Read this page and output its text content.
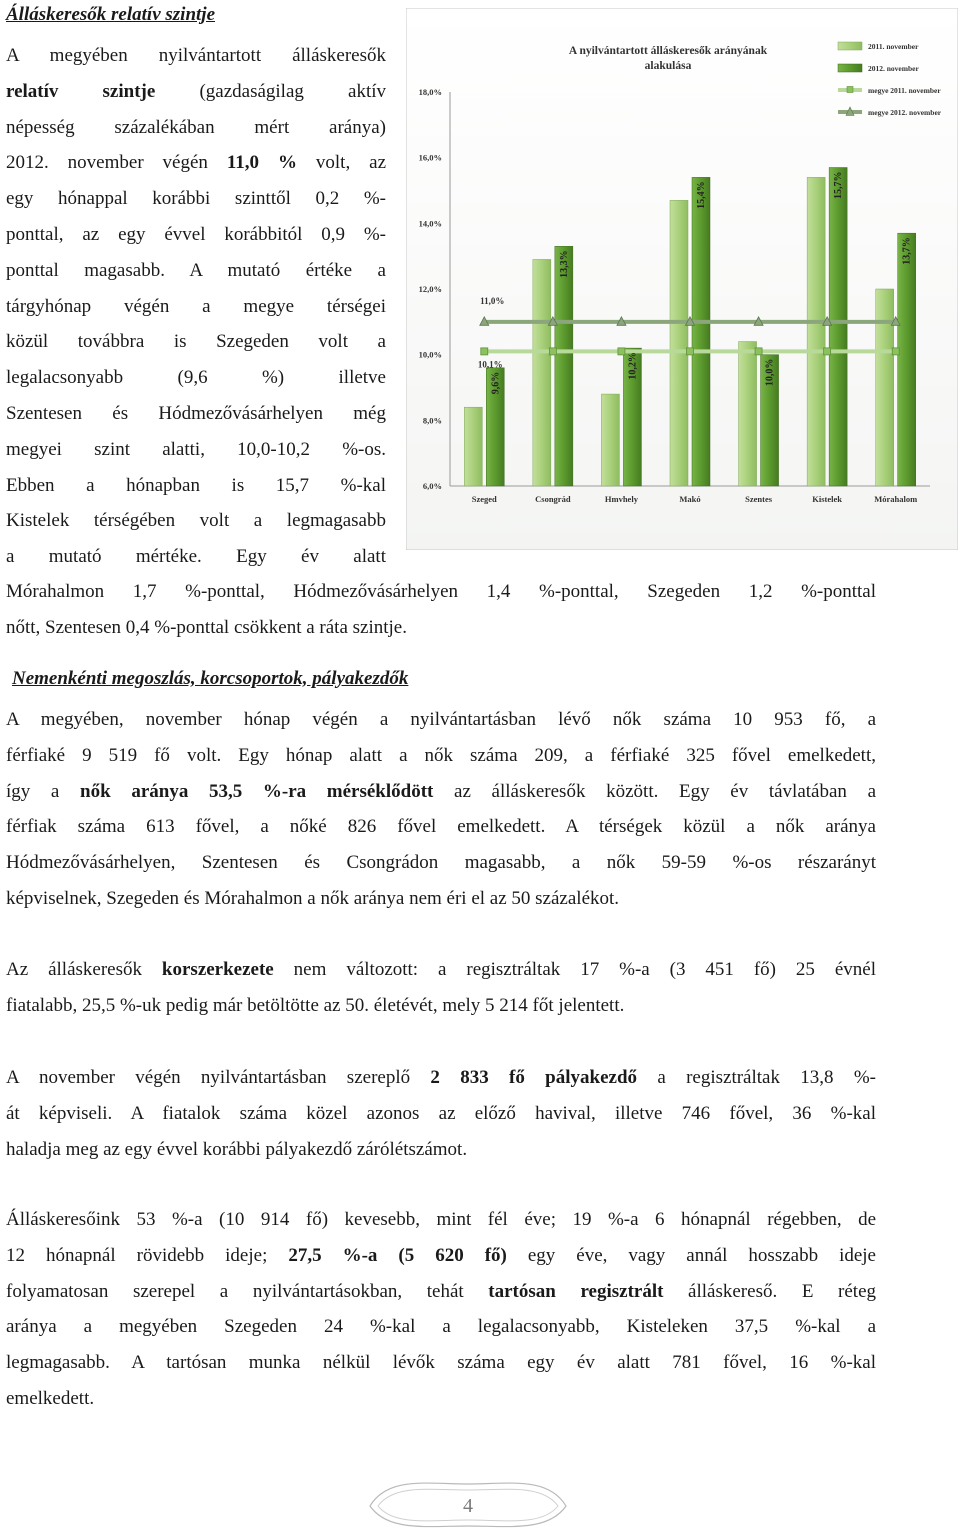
Álláskeresők relatív szintje
A megyében nyilvántartott álláskeresők
relatív szintje (gazdaságilag aktív
népesség százalékában mért aránya)
2012. november végén 11,0 % volt, az
egy hónappal korábbi szinttől 0,2 %-
ponttal, az egy évvel korábbitól 0,9 %-
ponttal magasabb. A mutató értéke a
tárgyhónap végén a megye térségei
közül továbbra is Szegeden volt a
legalacsonyabb (9,6 %) illetve
Szentesen és Hódmezővásárhelyen még
megyei szint alatti, 10,0-10,2 %-os.
Ebben a hónapban is 15,7 %-kal
Kistelek térségében volt a legmagasabb
a mutató mértéke. Egy év alatt
Mórahalmon 1,7 %-ponttal, Hódmezővásárhelyen 1,4 %-ponttal, Szegeden 1,2 %-ponttal
nőtt, Szentesen 0,4 %-ponttal csökkent a ráta szintje.
A nyilvántartott álláskeresők arányának
alakulása
6,0%
8,0%
10,0%
12,0%
14,0%
16,0%
18,0%
9,6%
13,3%
10,2%
15,4%
10,0%
15,7%
13,7%
11,0%
10,1%
Szeged	Csongrád	Hmvhely	Makó	Szentes	Kistelek	Mórahalom
2011. november
2012. november
megye 2011. november
megye 2012. november
Nemenkénti megoszlás, korcsoportok, pályakezdők
A megyében, november hónap végén a nyilvántartásban lévő nők száma 10 953 fő, a
férfiaké 9 519 fő volt. Egy hónap alatt a nők száma 209, a férfiaké 325 fővel emelkedett,
így a nők aránya 53,5 %-ra mérséklődött az álláskeresők között. Egy év távlatában a
férfiak száma 613 fővel, a nőké 826 fővel emelkedett. A térségek közül a nők aránya
Hódmezővásárhelyen, Szentesen és Csongrádon magasabb, a nők 59-59 %-os részarányt
képviselnek, Szegeden és Mórahalmon a nők aránya nem éri el az 50 százalékot.
Az álláskeresők korszerkezete nem változott: a regisztráltak 17 %-a (3 451 fő) 25 évnél
fiatalabb, 25,5 %-uk pedig már betöltötte az 50. életévét, mely 5 214 főt jelentett.
A november végén nyilvántartásban szereplő 2 833 fő pályakezdő a regisztráltak 13,8 %-
át képviseli. A fiatalok száma közel azonos az előző havival, illetve 746 fővel, 36 %-kal
haladja meg az egy évvel korábbi pályakezdő zárólétszámot.
Álláskeresőink 53 %-a (10 914 fő) kevesebb, mint fél éve; 19 %-a 6 hónapnál régebben, de
12 hónapnál rövidebb ideje; 27,5 %-a (5 620 fő) egy éve, vagy annál hosszabb ideje
folyamatosan szerepel a nyilvántartásokban, tehát tartósan regisztrált álláskereső. E réteg
aránya a megyében Szegeden 24 %-kal a legalacsonyabb, Kisteleken 37,5 %-kal a
legmagasabb. A tartósan munka nélkül lévők száma egy év alatt 781 fővel, 16 %-kal
emelkedett.
4
